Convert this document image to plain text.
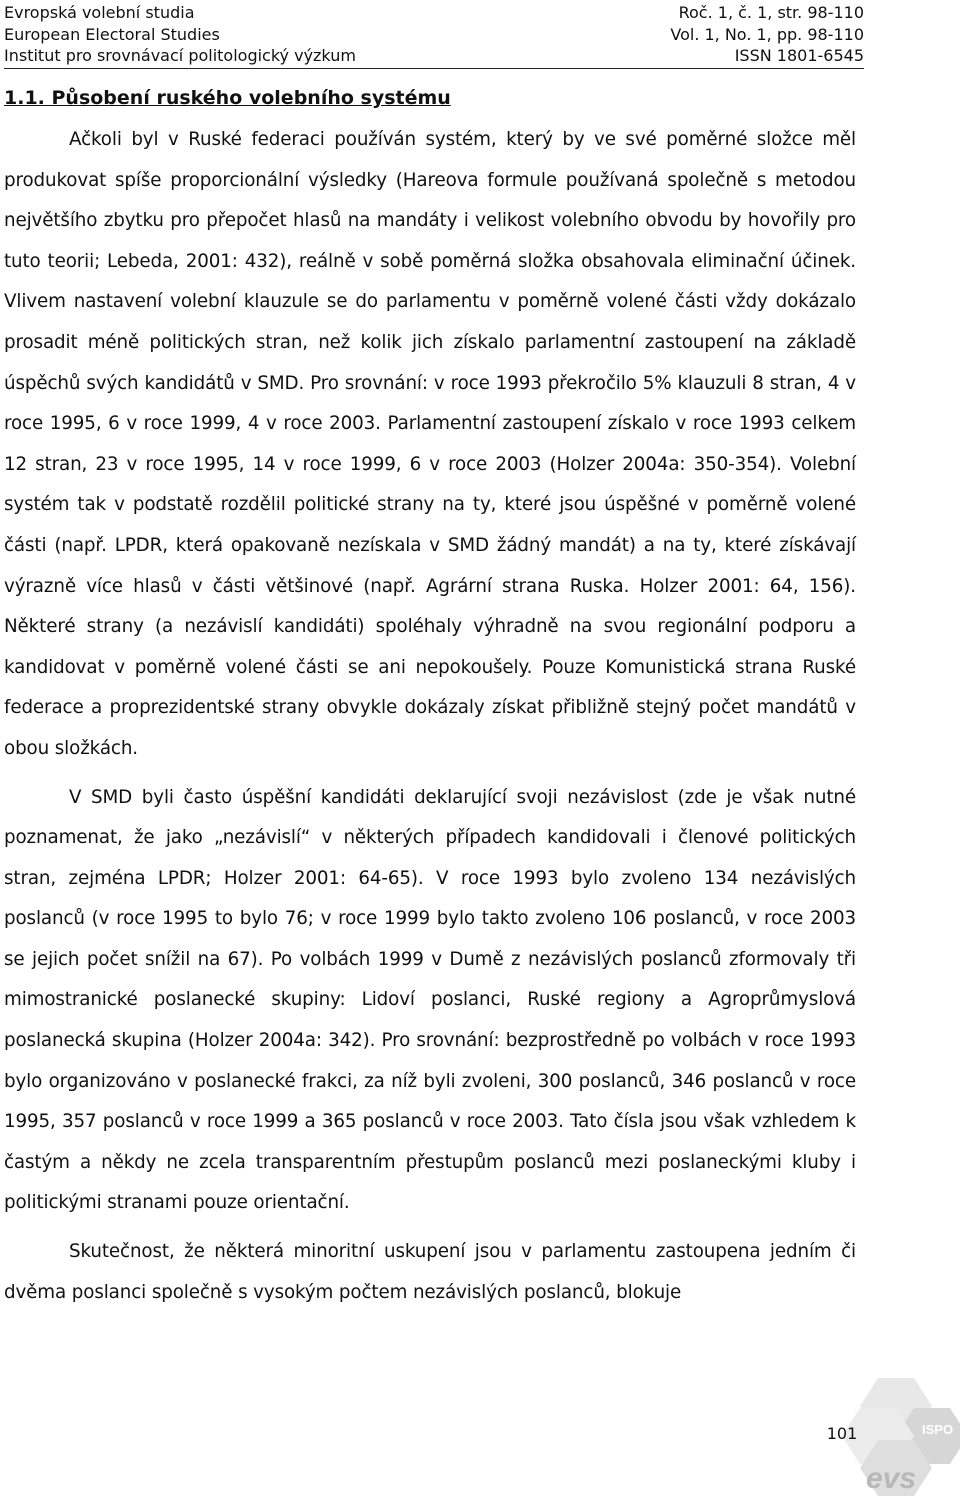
Evropská volební studia	Roč. 1, č. 1, str. 98-110
European Electoral Studies	Vol. 1, No. 1, pp. 98-110
Institut pro srovnávací politologický výzkum	ISSN 1801-6545
1.1. Působení ruského volebního systému

Ačkoli byl v Ruské federaci používán systém, který by ve své poměrné složce měl produkovat spíše proporcionální výsledky (Hareova formule používaná společně s metodou největšího zbytku pro přepočet hlasů na mandáty i velikost volebního obvodu by hovořily pro tuto teorii; Lebeda, 2001: 432), reálně v sobě poměrná složka obsahovala eliminační účinek. Vlivem nastavení volební klauzule se do parlamentu v poměrně volené části vždy dokázalo prosadit méně politických stran, než kolik jich získalo parlamentní zastoupení na základě úspěchů svých kandidátů v SMD. Pro srovnání: v roce 1993 překročilo 5% klauzuli 8 stran, 4 v roce 1995, 6 v roce 1999, 4 v roce 2003. Parlamentní zastoupení získalo v roce 1993 celkem 12 stran, 23 v roce 1995, 14 v roce 1999, 6 v roce 2003 (Holzer 2004a: 350-354). Volební systém tak v podstatě rozdělil politické strany na ty, které jsou úspěšné v poměrně volené části (např. LPDR, která opakovaně nezískala v SMD žádný mandát) a na ty, které získávají výrazně více hlasů v části většinové (např. Agrární strana Ruska. Holzer 2001: 64, 156). Některé strany (a nezávislí kandidáti) spoléhaly výhradně na svou regionální podporu a kandidovat v poměrně volené části se ani nepokoušely. Pouze Komunistická strana Ruské federace a proprezidentské strany obvykle dokázaly získat přibližně stejný počet mandátů v obou složkách.

V SMD byli často úspěšní kandidáti deklarující svoji nezávislost (zde je však nutné poznamenat, že jako „nezávislí“ v některých případech kandidovali i členové politických stran, zejména LPDR; Holzer 2001: 64-65). V roce 1993 bylo zvoleno 134 nezávislých poslanců (v roce 1995 to bylo 76; v roce 1999 bylo takto zvoleno 106 poslanců, v roce 2003 se jejich počet snížil na 67). Po volbách 1999 v Dumě z nezávislých poslanců zformovaly tři mimostranické poslanecké skupiny: Lidoví poslanci, Ruské regiony a Agroprůmyslová poslanecká skupina (Holzer 2004a: 342). Pro srovnání: bezprostředně po volbách v roce 1993 bylo organizováno v poslanecké frakci, za níž byli zvoleni, 300 poslanců, 346 poslanců v roce 1995, 357 poslanců v roce 1999 a 365 poslanců v roce 2003. Tato čísla jsou však vzhledem k častým a někdy ne zcela transparentním přestupům poslanců mezi poslaneckými kluby i politickými stranami pouze orientační.

Skutečnost, že některá minoritní uskupení jsou v parlamentu zastoupena jedním či dvěma poslanci společně s vysokým počtem nezávislých poslanců, blokuje

ISPO
evs
101
